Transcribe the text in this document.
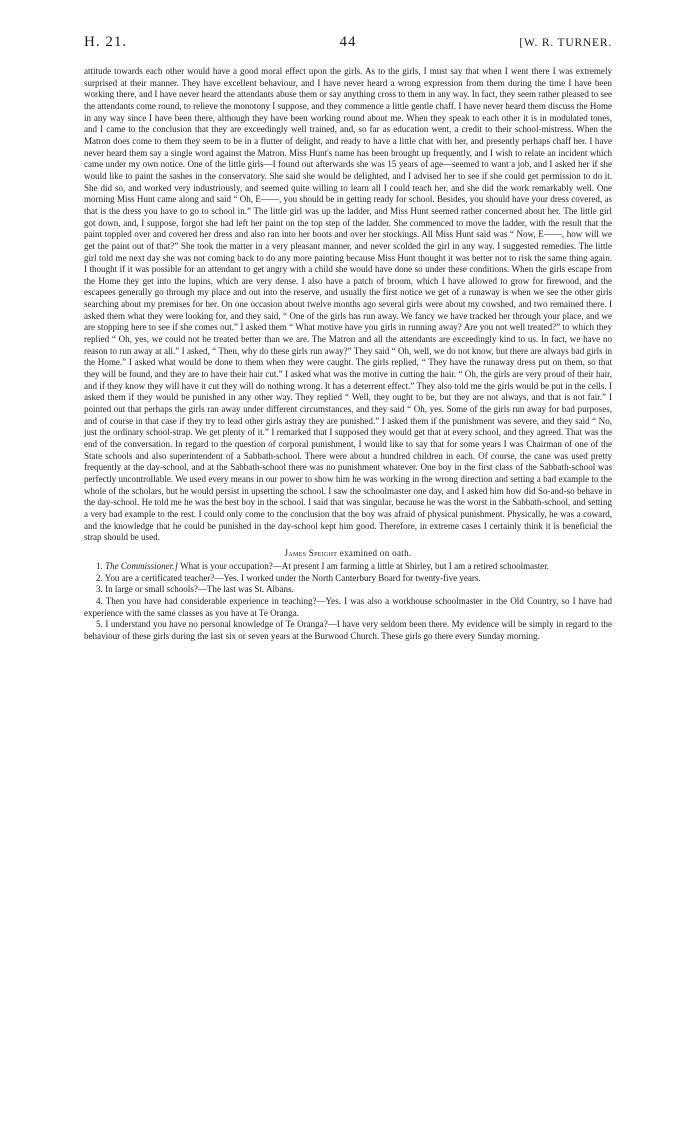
H. 21.	44	[W. R. TURNER.

attitude towards each other would have a good moral effect upon the girls. As to the girls, I must say that when I went there I was extremely surprised at their manner. They have excellent behaviour, and I have never heard a wrong expression from them during the time I have been working there, and I have never heard the attendants abuse them or say anything cross to them in any way. In fact, they seem rather pleased to see the attendants come round, to relieve the monotony I suppose, and they commence a little gentle chaff. I have never heard them discuss the Home in any way since I have been there, although they have been working round about me. When they speak to each other it is in modulated tones, and I came to the conclusion that they are exceedingly well trained, and, so far as education went, a credit to their school-mistress. When the Matron does come to them they seem to be in a flutter of delight, and ready to have a little chat with her, and presently perhaps chaff her. I have never heard them say a single word against the Matron. Miss Hunt's name has been brought up frequently, and I wish to relate an incident which came under my own notice. One of the little girls—I found out afterwards she was 15 years of age—seemed to want a job, and I asked her if she would like to paint the sashes in the conservatory. She said she would be delighted, and I advised her to see if she could get permission to do it. She did so, and worked very industriously, and seemed quite willing to learn all I could teach her, and she did the work remarkably well. One morning Miss Hunt came along and said “ Oh, E——, you should be in getting ready for school. Besides, you should have your dress covered, as that is the dress you have to go to school in.” The little girl was up the ladder, and Miss Hunt seemed rather concerned about her. The little girl got down, and, I suppose, forgot she had left her paint on the top step of the ladder. She commenced to move the ladder, with the result that the paint toppled over and covered her dress and also ran into her boots and over her stockings. All Miss Hunt said was “ Now, E——, how will we get the paint out of that?” She took the matter in a very pleasant manner, and never scolded the girl in any way. I suggested remedies. The little girl told me next day she was not coming back to do any more painting because Miss Hunt thought it was better not to risk the same thing again. I thought if it was possible for an attendant to get angry with a child she would have done so under these conditions. When the girls escape from the Home they get into the lupins, which are very dense. I also have a patch of broom, which I have allowed to grow for firewood, and the escapees generally go through my place and out into the reserve, and usually the first notice we get of a runaway is when we see the other girls searching about my premises for her. On one occasion about twelve months ago several girls were about my cowshed, and two remained there. I asked them what they were looking for, and they said, “ One of the girls has run away. We fancy we have tracked her through your place, and we are stopping here to see if she comes out.” I asked them “ What motive have you girls in running away? Are you not well treated?” to which they replied “ Oh, yes, we could not be treated better than we are. The Matron and all the attendants are exceedingly kind to us. In fact, we have no reason to run away at all.” I asked, “ Then, why do these girls run away?” They said “ Oh, well, we do not know, but there are always bad girls in the Home.” I asked what would be done to them when they were caught. The girls replied, “ They have the runaway dress put on them, so that they will be found, and they are to have their hair cut.” I asked what was the motive in cutting the hair. “ Oh, the girls are very proud of their hair, and if they know they will have it cut they will do nothing wrong. It has a deterrent effect.” They also told me the girls would be put in the cells. I asked them if they would be punished in any other way. They replied “ Well, they ought to be, but they are not always, and that is not fair.” I pointed out that perhaps the girls ran away under different circumstances, and they said “ Oh, yes. Some of the girls run away for bad purposes, and of course in that case if they try to lead other girls astray they are punished.” I asked them if the punishment was severe, and they said “ No, just the ordinary school-strap. We get plenty of it.” I remarked that I supposed they would get that at every school, and they agreed. That was the end of the conversation. In regard to the question of corporal punishment, I would like to say that for some years I was Chairman of one of the State schools and also superintendent of a Sabbath-school. There were about a hundred children in each. Of course, the cane was used pretty frequently at the day-school, and at the Sabbath-school there was no punishment whatever. One boy in the first class of the Sabbath-school was perfectly uncontrollable. We used every means in our power to show him he was working in the wrong direction and setting a bad example to the whole of the scholars, but he would persist in upsetting the school. I saw the schoolmaster one day, and I asked him how did So-and-so behave in the day-school. He told me he was the best boy in the school. I said that was singular, because he was the worst in the Sabbath-school, and setting a very bad example to the rest. I could only come to the conclusion that the boy was afraid of physical punishment. Physically, he was a coward, and the knowledge that he could be punished in the day-school kept him good. Therefore, in extreme cases I certainly think it is beneficial the strap should be used.

James Speight examined on oath.

1. The Commissioner.] What is your occupation?—At present I am farming a little at Shirley, but I am a retired schoolmaster.

2. You are a certificated teacher?—Yes. I worked under the North Canterbury Board for twenty-five years.

3. In large or small schools?—The last was St. Albans.

4. Then you have had considerable experience in teaching?—Yes. I was also a workhouse schoolmaster in the Old Country, so I have had experience with the same classes as you have at Te Oranga.

5. I understand you have no personal knowledge of Te Oranga?—I have very seldom been there. My evidence will be simply in regard to the behaviour of these girls during the last six or seven years at the Burwood Church. These girls go there every Sunday morning.
